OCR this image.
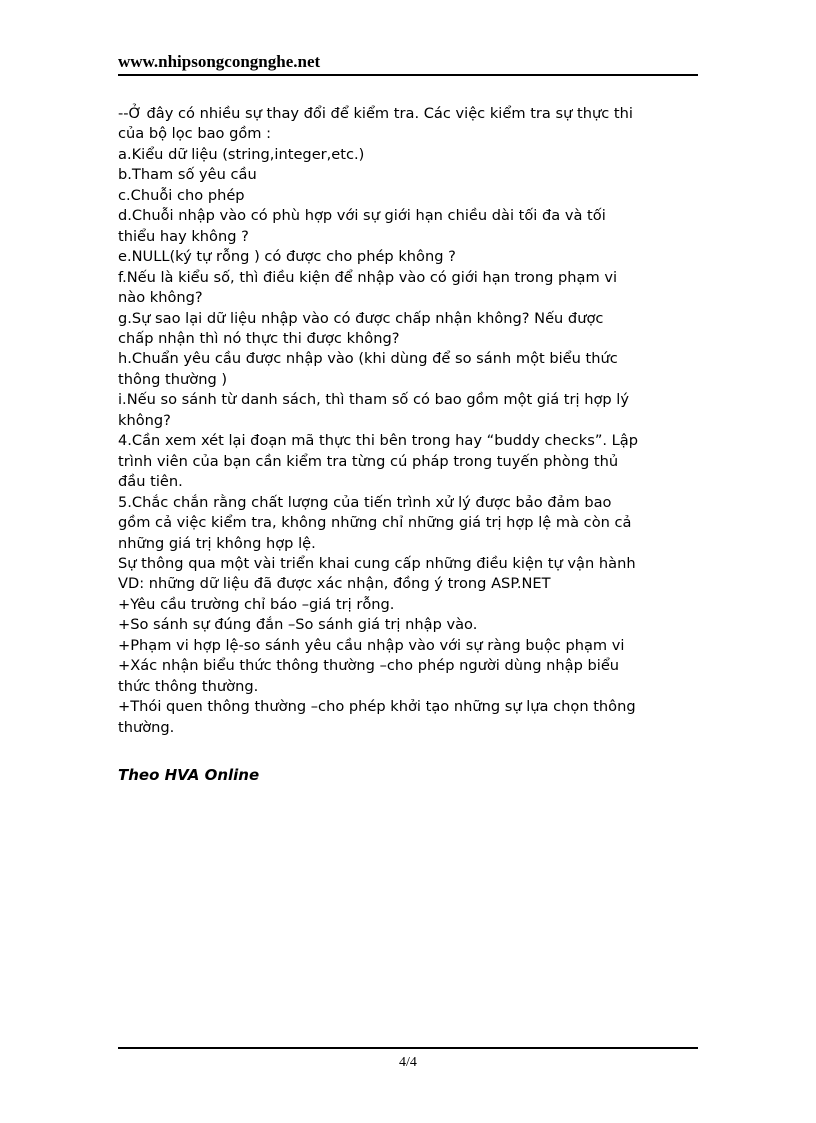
www.nhipsongcongnghe.net
--Ở đây có nhiều sự thay đổi để kiểm tra. Các việc kiểm tra sự thực thi
của bộ lọc bao gồm :
a.Kiểu dữ liệu (string,integer,etc.)
b.Tham số yêu cầu
c.Chuỗi cho phép
d.Chuỗi nhập vào có phù hợp với sự giới hạn chiều dài tối đa và tối
thiểu hay không ?
e.NULL(ký tự rỗng ) có được cho phép không ?
f.Nếu là kiểu số, thì điều kiện để nhập vào có giới hạn trong phạm vi
nào không?
g.Sự sao lại dữ liệu nhập vào có được chấp nhận không? Nếu được
chấp nhận thì nó thực thi được không?
h.Chuẩn yêu cầu được nhập vào (khi dùng để so sánh một biểu thức
thông thường )
i.Nếu so sánh từ danh sách, thì tham số có bao gồm một giá trị hợp lý
không?
4.Cần xem xét lại đoạn mã thực thi bên trong hay “buddy checks”. Lập
trình viên của bạn cần kiểm tra từng cú pháp trong tuyến phòng thủ
đầu tiên.
5.Chắc chắn rằng chất lượng của tiến trình xử lý được bảo đảm bao
gồm cả việc kiểm tra, không những chỉ những giá trị hợp lệ mà còn cả
những giá trị không hợp lệ.
Sự thông qua một vài triển khai cung cấp những điều kiện tự vận hành
VD: những dữ liệu đã được xác nhận, đồng ý trong ASP.NET
+Yêu cầu trường chỉ báo –giá trị rỗng.
+So sánh sự đúng đắn –So sánh giá trị nhập vào.
+Phạm vi hợp lệ-so sánh yêu cầu nhập vào với sự ràng buộc phạm vi
+Xác nhận biểu thức thông thường –cho phép người dùng nhập biểu
thức thông thường.
+Thói quen thông thường –cho phép khởi tạo những sự lựa chọn thông
thường.
Theo HVA Online
4/4
